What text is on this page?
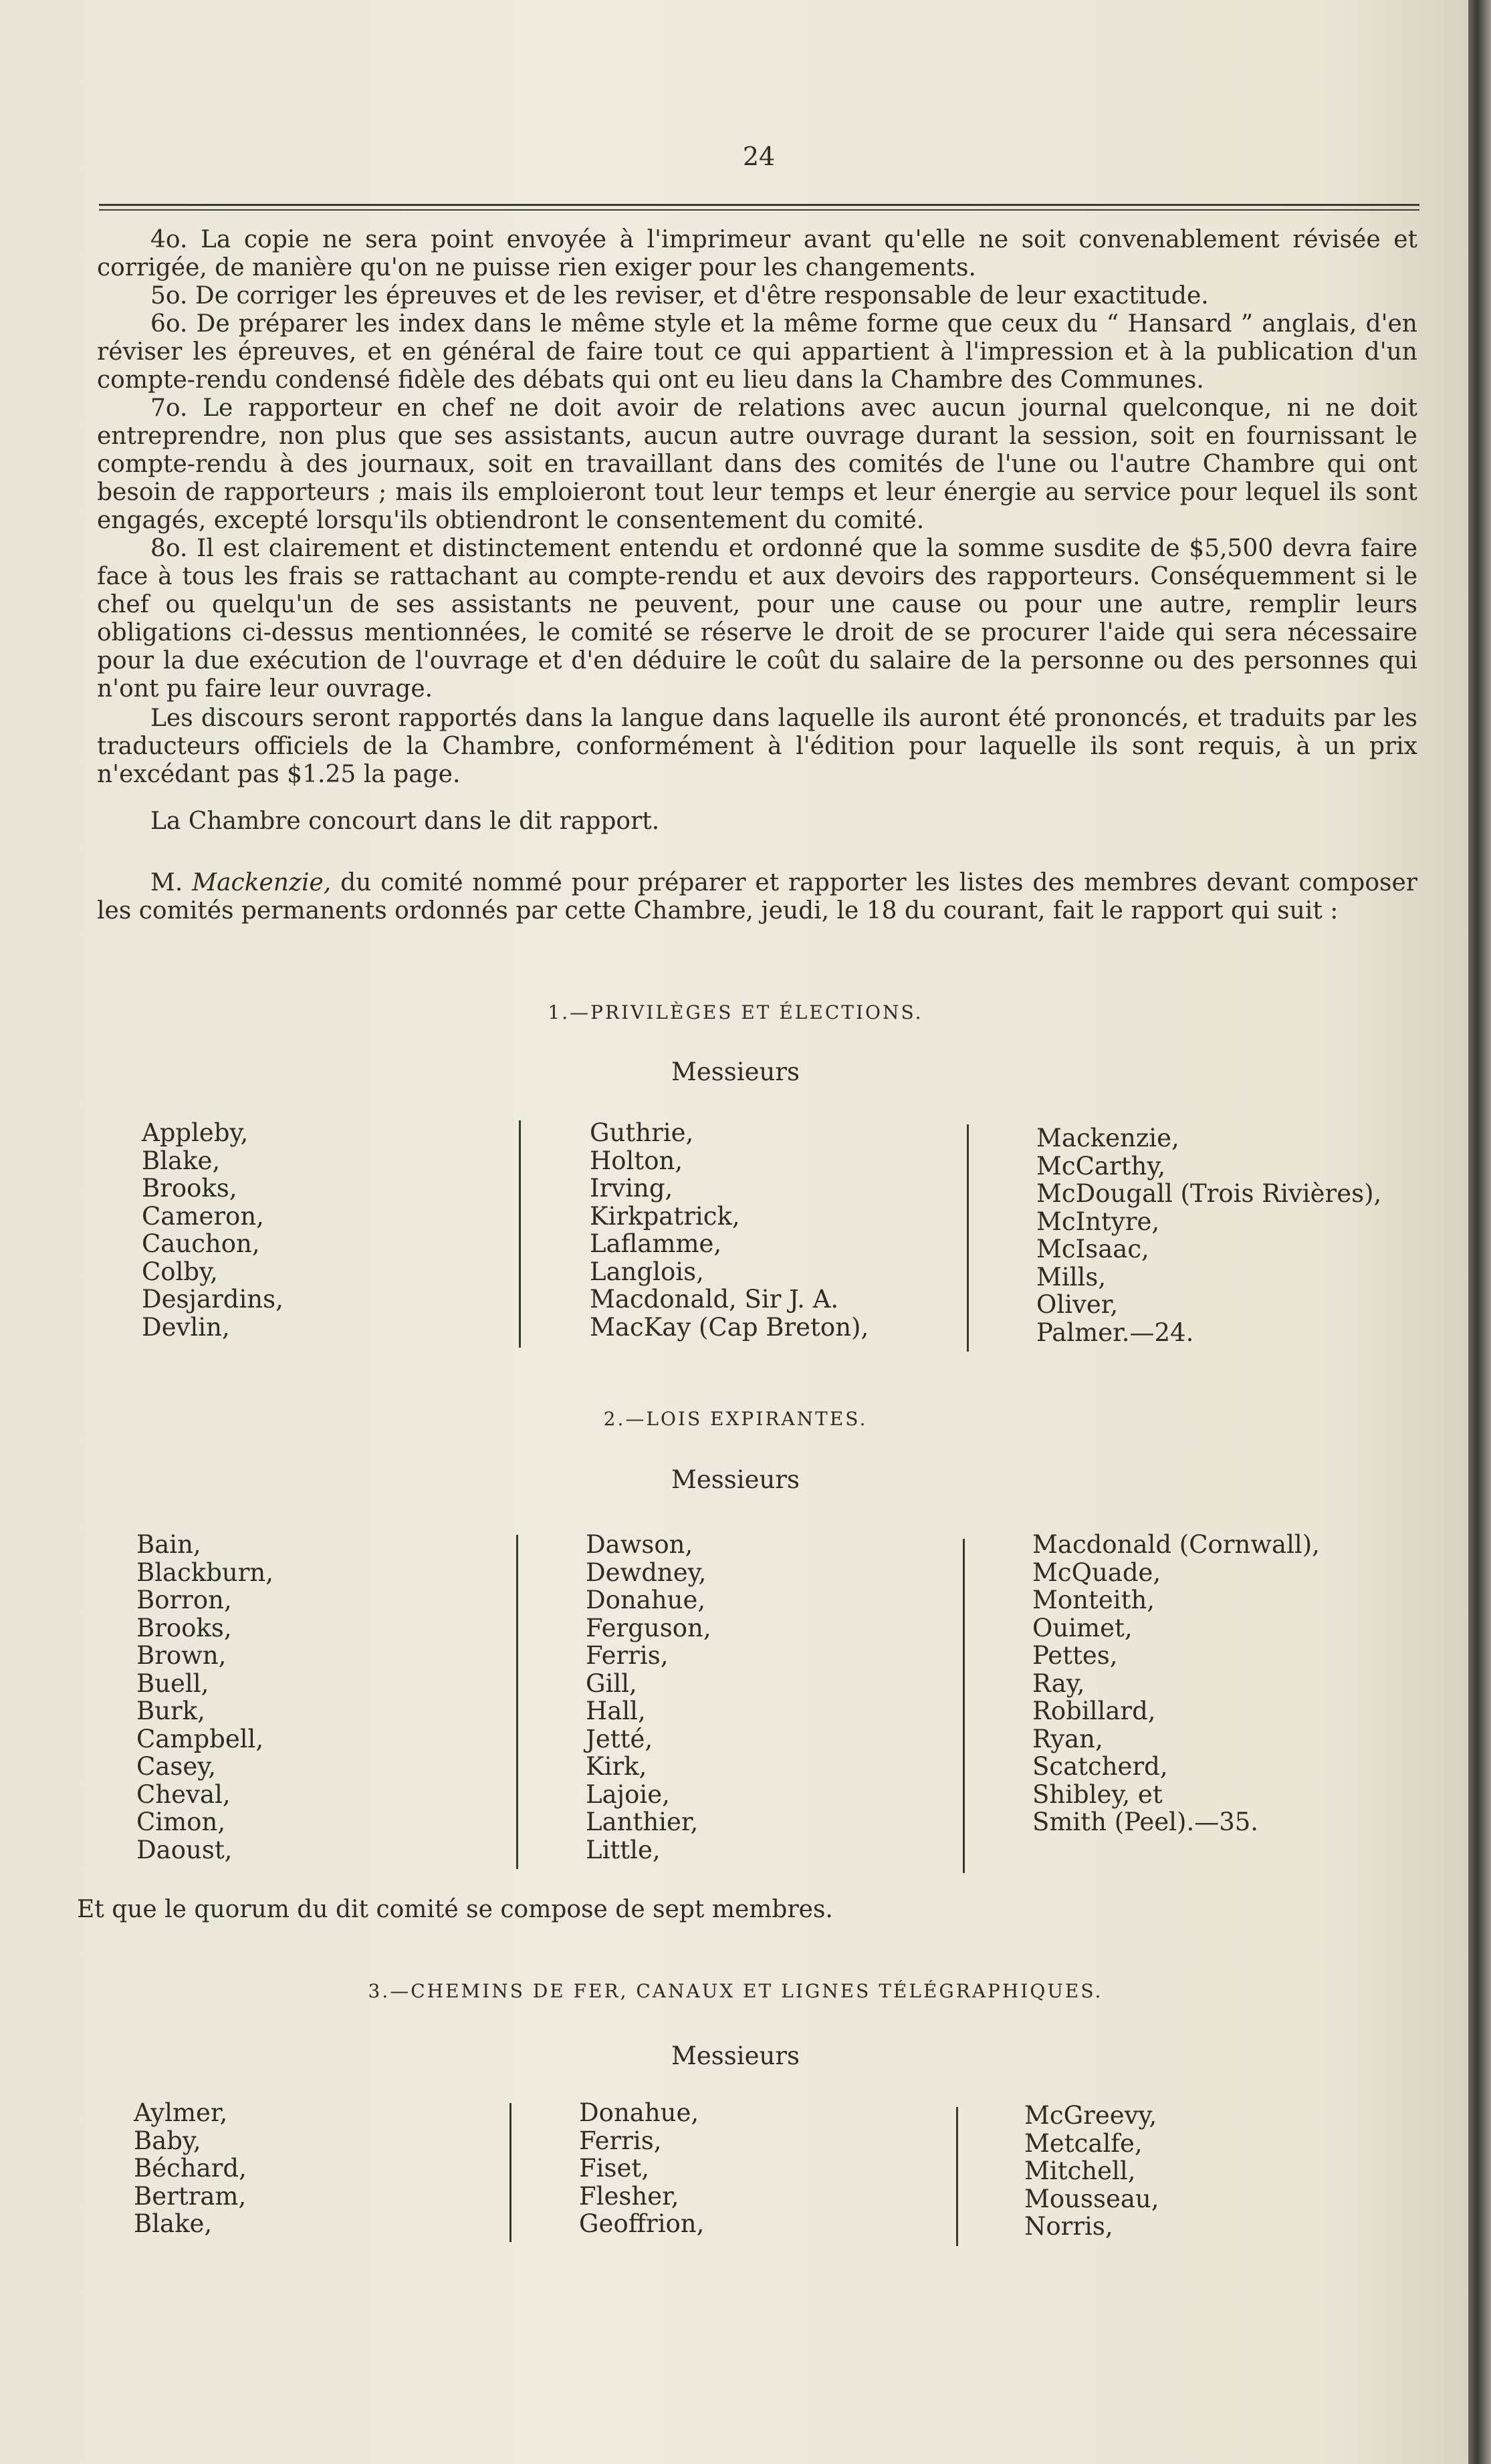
24

4o. La copie ne sera point envoyée à l'imprimeur avant qu'elle ne soit convenablement révisée et corrigée, de manière qu'on ne puisse rien exiger pour les changements.

5o. De corriger les épreuves et de les reviser, et d'être responsable de leur exactitude.

6o. De préparer les index dans le même style et la même forme que ceux du “ Hansard ” anglais, d'en réviser les épreuves, et en général de faire tout ce qui appartient à l'impression et à la publication d'un compte-rendu condensé fidèle des débats qui ont eu lieu dans la Chambre des Communes.

7o. Le rapporteur en chef ne doit avoir de relations avec aucun journal quelconque, ni ne doit entreprendre, non plus que ses assistants, aucun autre ouvrage durant la session, soit en fournissant le compte-rendu à des journaux, soit en travaillant dans des comités de l'une ou l'autre Chambre qui ont besoin de rapporteurs ; mais ils emploieront tout leur temps et leur énergie au service pour lequel ils sont engagés, excepté lorsqu'ils obtiendront le consentement du comité.

8o. Il est clairement et distinctement entendu et ordonné que la somme susdite de $5,500 devra faire face à tous les frais se rattachant au compte-rendu et aux devoirs des rapporteurs. Conséquemment si le chef ou quelqu'un de ses assistants ne peuvent, pour une cause ou pour une autre, remplir leurs obligations ci-dessus mentionnées, le comité se réserve le droit de se procurer l'aide qui sera nécessaire pour la due exécution de l'ouvrage et d'en déduire le coût du salaire de la personne ou des personnes qui n'ont pu faire leur ouvrage.

Les discours seront rapportés dans la langue dans laquelle ils auront été prononcés, et traduits par les traducteurs officiels de la Chambre, conformément à l'édition pour laquelle ils sont requis, à un prix n'excédant pas $1.25 la page.

La Chambre concourt dans le dit rapport.

M. Mackenzie, du comité nommé pour préparer et rapporter les listes des membres devant composer les comités permanents ordonnés par cette Chambre, jeudi, le 18 du courant, fait le rapport qui suit :

1.—PRIVILÈGES ET ÉLECTIONS.
Messieurs
Appleby,
Blake,
Brooks,
Cameron,
Cauchon,
Colby,
Desjardins,
Devlin,
Guthrie,
Holton,
Irving,
Kirkpatrick,
Laflamme,
Langlois,
Macdonald, Sir J. A.
MacKay (Cap Breton),
Mackenzie,
McCarthy,
McDougall (Trois Rivières),
McIntyre,
McIsaac,
Mills,
Oliver,
Palmer.—24.
2.—LOIS EXPIRANTES.
Messieurs
Bain,
Blackburn,
Borron,
Brooks,
Brown,
Buell,
Burk,
Campbell,
Casey,
Cheval,
Cimon,
Daoust,
Dawson,
Dewdney,
Donahue,
Ferguson,
Ferris,
Gill,
Hall,
Jetté,
Kirk,
Lajoie,
Lanthier,
Little,
Macdonald (Cornwall),
McQuade,
Monteith,
Ouimet,
Pettes,
Ray,
Robillard,
Ryan,
Scatcherd,
Shibley, et
Smith (Peel).—35.
Et que le quorum du dit comité se compose de sept membres.
3.—CHEMINS DE FER, CANAUX ET LIGNES TÉLÉGRAPHIQUES.
Messieurs
Aylmer,
Baby,
Béchard,
Bertram,
Blake,
Donahue,
Ferris,
Fiset,
Flesher,
Geoffrion,
McGreevy,
Metcalfe,
Mitchell,
Mousseau,
Norris,
